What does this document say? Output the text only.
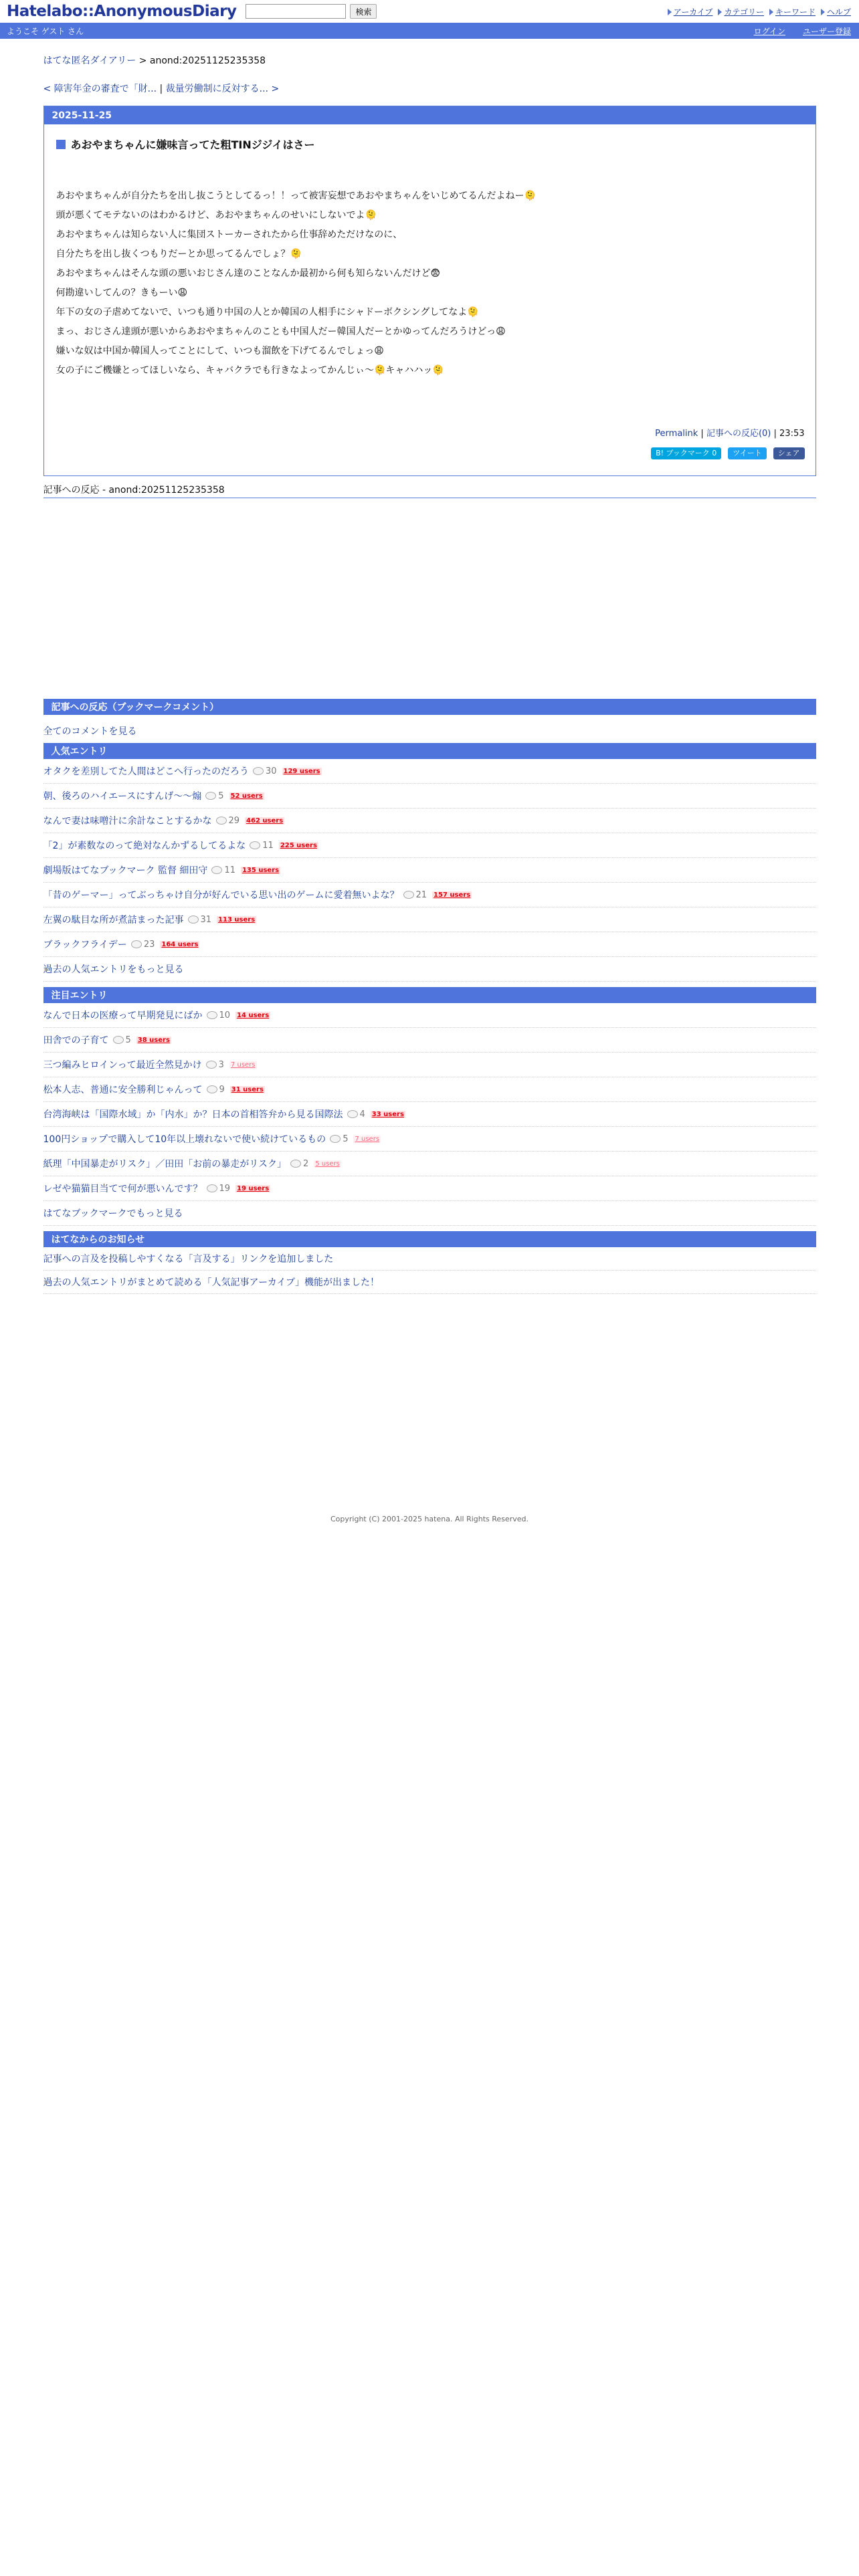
Hatelabo::AnonymousDiary	検索	アーカイブ カテゴリー キーワード ヘルプ
ようこそ ゲスト さん	ログイン ユーザー登録
はてな匿名ダイアリー > anond:20251125235358
< 障害年金の審査で「財... | 裁量労働制に反対する... >
2025-11-25
あおやまちゃんに嫌味言ってた粗TINジジイはさー

あおやまちゃんが自分たちを出し抜こうとしてるっ！！って被害妄想であおやまちゃんをいじめてるんだよねー🫠

頭が悪くてモテないのはわかるけど、あおやまちゃんのせいにしないでよ🫠

あおやまちゃんは知らない人に集団ストーカーされたから仕事辞めただけなのに、

自分たちを出し抜くつもりだーとか思ってるんでしょ？🫠

あおやまちゃんはそんな頭の悪いおじさん達のことなんか最初から何も知らないんだけど😨

何勘違いしてんの？きもーい😩

年下の女の子虐めてないで、いつも通り中国の人とか韓国の人相手にシャドーボクシングしてなよ🫠

まっ、おじさん達頭が悪いからあおやまちゃんのことも中国人だー韓国人だーとかゆってんだろうけどっ😩

嫌いな奴は中国か韓国人ってことにして、いつも溜飲を下げてるんでしょっ😩

女の子にご機嫌とってほしいなら、キャバクラでも行きなよってかんじぃ〜🫠キャハハッ🫠

Permalink | 記事への反応(0) | 23:53
B! ブックマーク 0	ツイート	シェア
記事への反応 - anond:20251125235358
記事への反応（ブックマークコメント）
全てのコメントを見る
人気エントリ
オタクを差別してた人間はどこへ行ったのだろう 30 129 users
朝、後ろのハイエースにすんげ〜〜煽 5 52 users
なんで妻は味噌汁に余計なことするかな 29 462 users
「2」が素数なのって絶対なんかずるしてるよな 11 225 users
劇場版はてなブックマーク 監督 細田守 11 135 users
「昔のゲーマー」ってぶっちゃけ自分が好んでいる思い出のゲームに愛着無いよな？ 21 157 users
左翼の駄目な所が煮詰まった記事 31 113 users
ブラックフライデー 23 164 users
過去の人気エントリをもっと見る
注目エントリ
なんで日本の医療って早期発見にばか 10 14 users
田舎での子育て 5 38 users
三つ編みヒロインって最近全然見かけ 3 7 users
松本人志、普通に安全勝利じゃんって 9 31 users
台湾海峡は「国際水域」か「内水」か？日本の首相答弁から見る国際法 4 33 users
100円ショップで購入して10年以上壊れないで使い続けているもの 5 7 users
紙理「中国暴走がリスク」／田田「お前の暴走がリスク」 2 5 users
レゼや猫猫目当てで何が悪いんです？ 19 19 users
はてなブックマークでもっと見る
はてなからのお知らせ
記事への言及を投稿しやすくなる「言及する」リンクを追加しました
過去の人気エントリがまとめて読める「人気記事アーカイブ」機能が出ました！
Copyright (C) 2001-2025 hatena. All Rights Reserved.
